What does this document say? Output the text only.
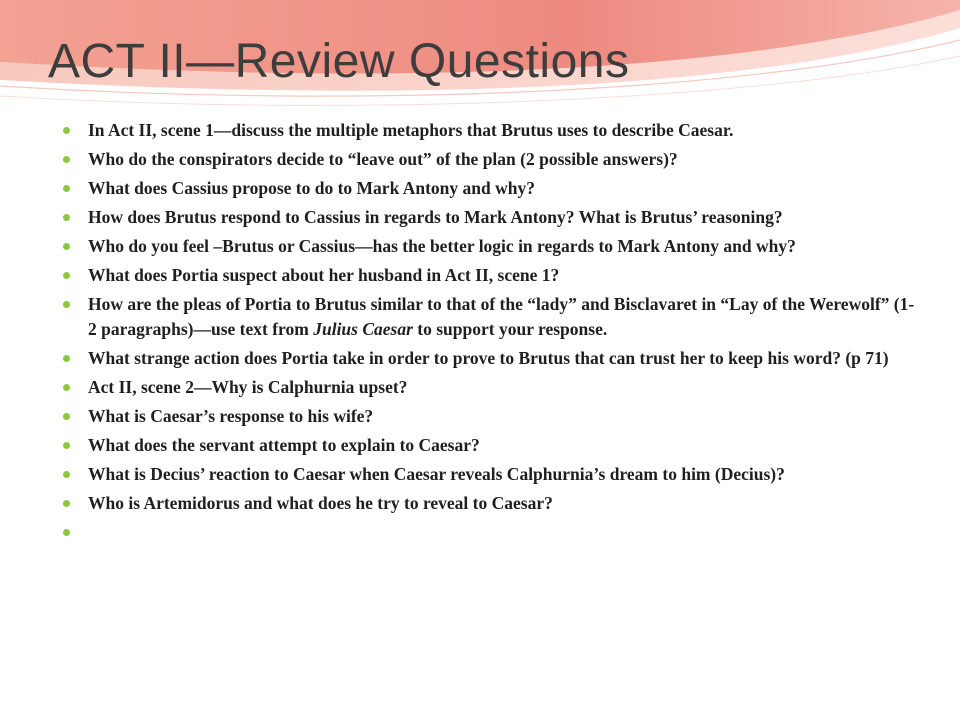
ACT II—Review Questions
In Act II, scene 1—discuss the multiple metaphors that Brutus uses to describe Caesar.
Who do the conspirators decide to “leave out” of the plan (2 possible answers)?
What does Cassius propose to do to Mark Antony and why?
How does Brutus respond to Cassius in regards to Mark Antony? What is Brutus’ reasoning?
Who do you feel –Brutus or Cassius—has the better logic in regards to Mark Antony and why?
What does Portia suspect about her husband in Act II, scene 1?
How are the pleas of Portia to Brutus similar to that of the “lady” and Bisclavaret in “Lay of the Werewolf” (1-2 paragraphs)—use text from Julius Caesar to support your response.
What strange action does Portia take in order to prove to Brutus that can trust her to keep his word? (p 71)
Act II, scene 2—Why is Calphurnia upset?
What is Caesar’s response to his wife?
What does the servant attempt to explain to Caesar?
What is Decius’ reaction to Caesar when Caesar reveals Calphurnia’s dream to him (Decius)?
Who is Artemidorus and what does he try to reveal to Caesar?
